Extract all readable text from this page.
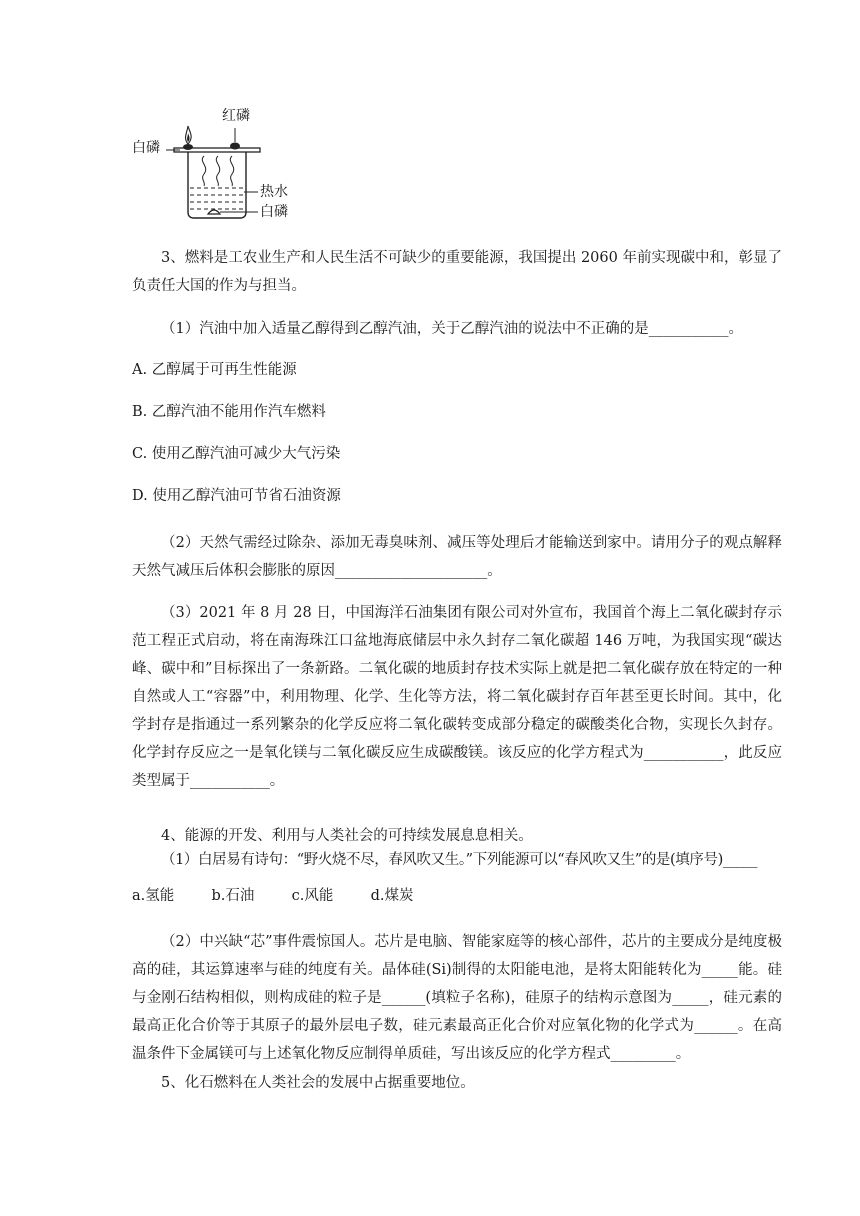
红磷
白磷
热水
白磷
3、燃料是工农业生产和人民生活不可缺少的重要能源，我国提出 2060 年前实现碳中和，彰显了负责任大国的作为与担当。
（1）汽油中加入适量乙醇得到乙醇汽油，关于乙醇汽油的说法中不正确的是___________。
A. 乙醇属于可再生性能源
B. 乙醇汽油不能用作汽车燃料
C. 使用乙醇汽油可减少大气污染
D. 使用乙醇汽油可节省石油资源
（2）天然气需经过除杂、添加无毒臭味剂、减压等处理后才能输送到家中。请用分子的观点解释天然气减压后体积会膨胀的原因_____________________。
（3）2021 年 8 月 28 日，中国海洋石油集团有限公司对外宣布，我国首个海上二氧化碳封存示范工程正式启动，将在南海珠江口盆地海底储层中永久封存二氧化碳超 146 万吨，为我国实现“碳达峰、碳中和”目标探出了一条新路。二氧化碳的地质封存技术实际上就是把二氧化碳存放在特定的一种自然或人工“容器”中，利用物理、化学、生化等方法，将二氧化碳封存百年甚至更长时间。其中，化学封存是指通过一系列繁杂的化学反应将二氧化碳转变成部分稳定的碳酸类化合物，实现长久封存。化学封存反应之一是氧化镁与二氧化碳反应生成碳酸镁。该反应的化学方程式为___________，此反应类型属于___________。
4、能源的开发、利用与人类社会的可持续发展息息相关。
（1）白居易有诗句：“野火烧不尽，春风吹又生。”下列能源可以“春风吹又生”的是(填序号)_____
a.氢能	b.石油	c.风能	d.煤炭
（2）中兴缺“芯”事件震惊国人。芯片是电脑、智能家庭等的核心部件，芯片的主要成分是纯度极高的硅，其运算速率与硅的纯度有关。晶体硅(Si)制得的太阳能电池，是将太阳能转化为_____能。硅与金刚石结构相似，则构成硅的粒子是______(填粒子名称)，硅原子的结构示意图为_____，硅元素的最高正化合价等于其原子的最外层电子数，硅元素最高正化合价对应氧化物的化学式为______。在高温条件下金属镁可与上述氧化物反应制得单质硅，写出该反应的化学方程式_________。
5、化石燃料在人类社会的发展中占据重要地位。
